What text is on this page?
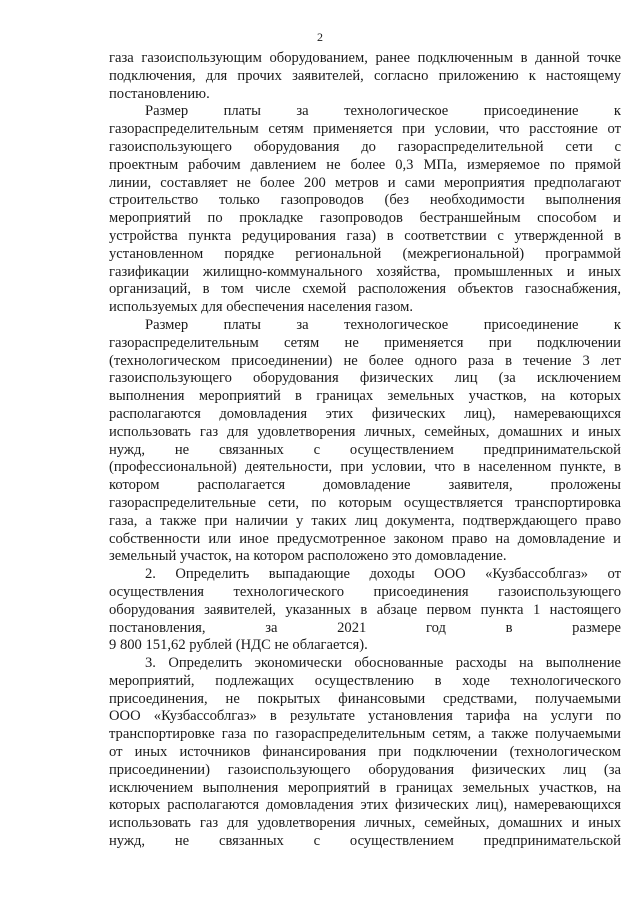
2

газа газоиспользующим оборудованием, ранее подключенным в данной точке

подключения, для прочих заявителей, согласно приложению к настоящему

постановлению.

Размер платы за технологическое присоединение к

газораспределительным сетям применяется при условии, что расстояние от

газоиспользующего оборудования до газораспределительной сети с

проектным рабочим давлением не более 0,3 МПа, измеряемое по прямой

линии, составляет не более 200 метров и сами мероприятия предполагают

строительство только газопроводов (без необходимости выполнения

мероприятий по прокладке газопроводов бестраншейным способом и

устройства пункта редуцирования газа) в соответствии с утвержденной в

установленном порядке региональной (межрегиональной) программой

газификации жилищно-коммунального хозяйства, промышленных и иных

организаций, в том числе схемой расположения объектов газоснабжения,

используемых для обеспечения населения газом.

Размер платы за технологическое присоединение к

газораспределительным сетям не применяется при подключении

(технологическом присоединении) не более одного раза в течение 3 лет

газоиспользующего оборудования физических лиц (за исключением

выполнения мероприятий в границах земельных участков, на которых

располагаются домовладения этих физических лиц), намеревающихся

использовать газ для удовлетворения личных, семейных, домашних и иных

нужд, не связанных с осуществлением предпринимательской

(профессиональной) деятельности, при условии, что в населенном пункте, в

котором располагается домовладение заявителя, проложены

газораспределительные сети, по которым осуществляется транспортировка

газа, а также при наличии у таких лиц документа, подтверждающего право

собственности или иное предусмотренное законом право на домовладение и

земельный участок, на котором расположено это домовладение.

2. Определить выпадающие доходы ООО «Кузбассоблгаз» от

осуществления технологического присоединения газоиспользующего

оборудования заявителей, указанных в абзаце первом пункта 1 настоящего

постановления, за 2021 год в размере

9 800 151,62 рублей (НДС не облагается).

3. Определить экономически обоснованные расходы на выполнение

мероприятий, подлежащих осуществлению в ходе технологического

присоединения, не покрытых финансовыми средствами, получаемыми

ООО «Кузбассоблгаз» в результате установления тарифа на услуги по

транспортировке газа по газораспределительным сетям, а также получаемыми

от иных источников финансирования при подключении (технологическом

присоединении) газоиспользующего оборудования физических лиц (за

исключением выполнения мероприятий в границах земельных участков, на

которых располагаются домовладения этих физических лиц), намеревающихся

использовать газ для удовлетворения личных, семейных, домашних и иных

нужд, не связанных с осуществлением предпринимательской
